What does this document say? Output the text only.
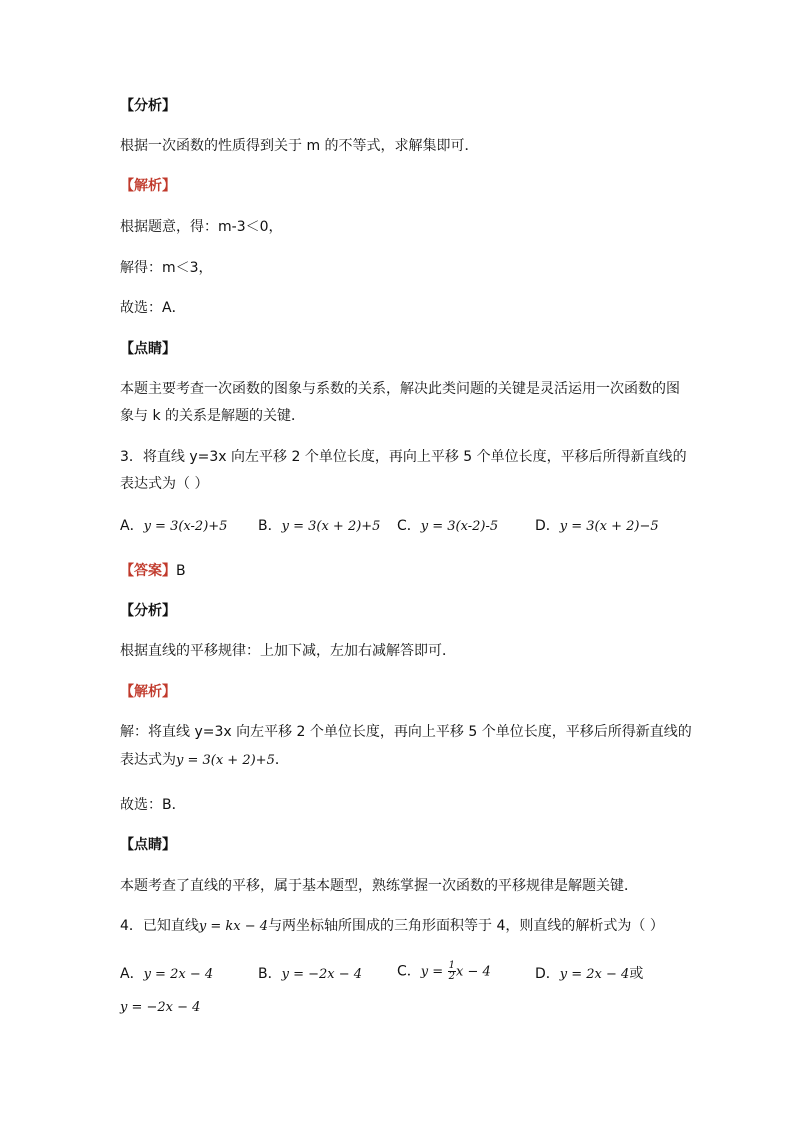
【分析】
根据一次函数的性质得到关于 m 的不等式，求解集即可．
【解析】
根据题意，得：m-3＜0，
解得：m＜3，
故选：A．
【点睛】
本题主要考查一次函数的图象与系数的关系，解决此类问题的关键是灵活运用一次函数的图
象与 k 的关系是解题的关键．
3．将直线 y=3x 向左平移 2 个单位长度，再向上平移 5 个单位长度，平移后所得新直线的
表达式为（ ）
A．y = 3(x-2)+5 B．y = 3(x + 2)+5 C．y = 3(x-2)-5	D．y = 3(x + 2)−5
【答案】B
【分析】
根据直线的平移规律：上加下减，左加右减解答即可．
【解析】
解：将直线 y=3x 向左平移 2 个单位长度，再向上平移 5 个单位长度，平移后所得新直线的
表达式为y = 3(x + 2)+5．
故选：B．
【点睛】
本题考查了直线的平移，属于基本题型，熟练掌握一次函数的平移规律是解题关键．
4．已知直线y = kx − 4与两坐标轴所围成的三角形面积等于 4，则直线的解析式为（ ）
A．y = 2x − 4	B．y = −2x − 4 C．$y = \frac{1}{2}$ x − 4	D．y = 2x − 4或
y = −2x − 4
